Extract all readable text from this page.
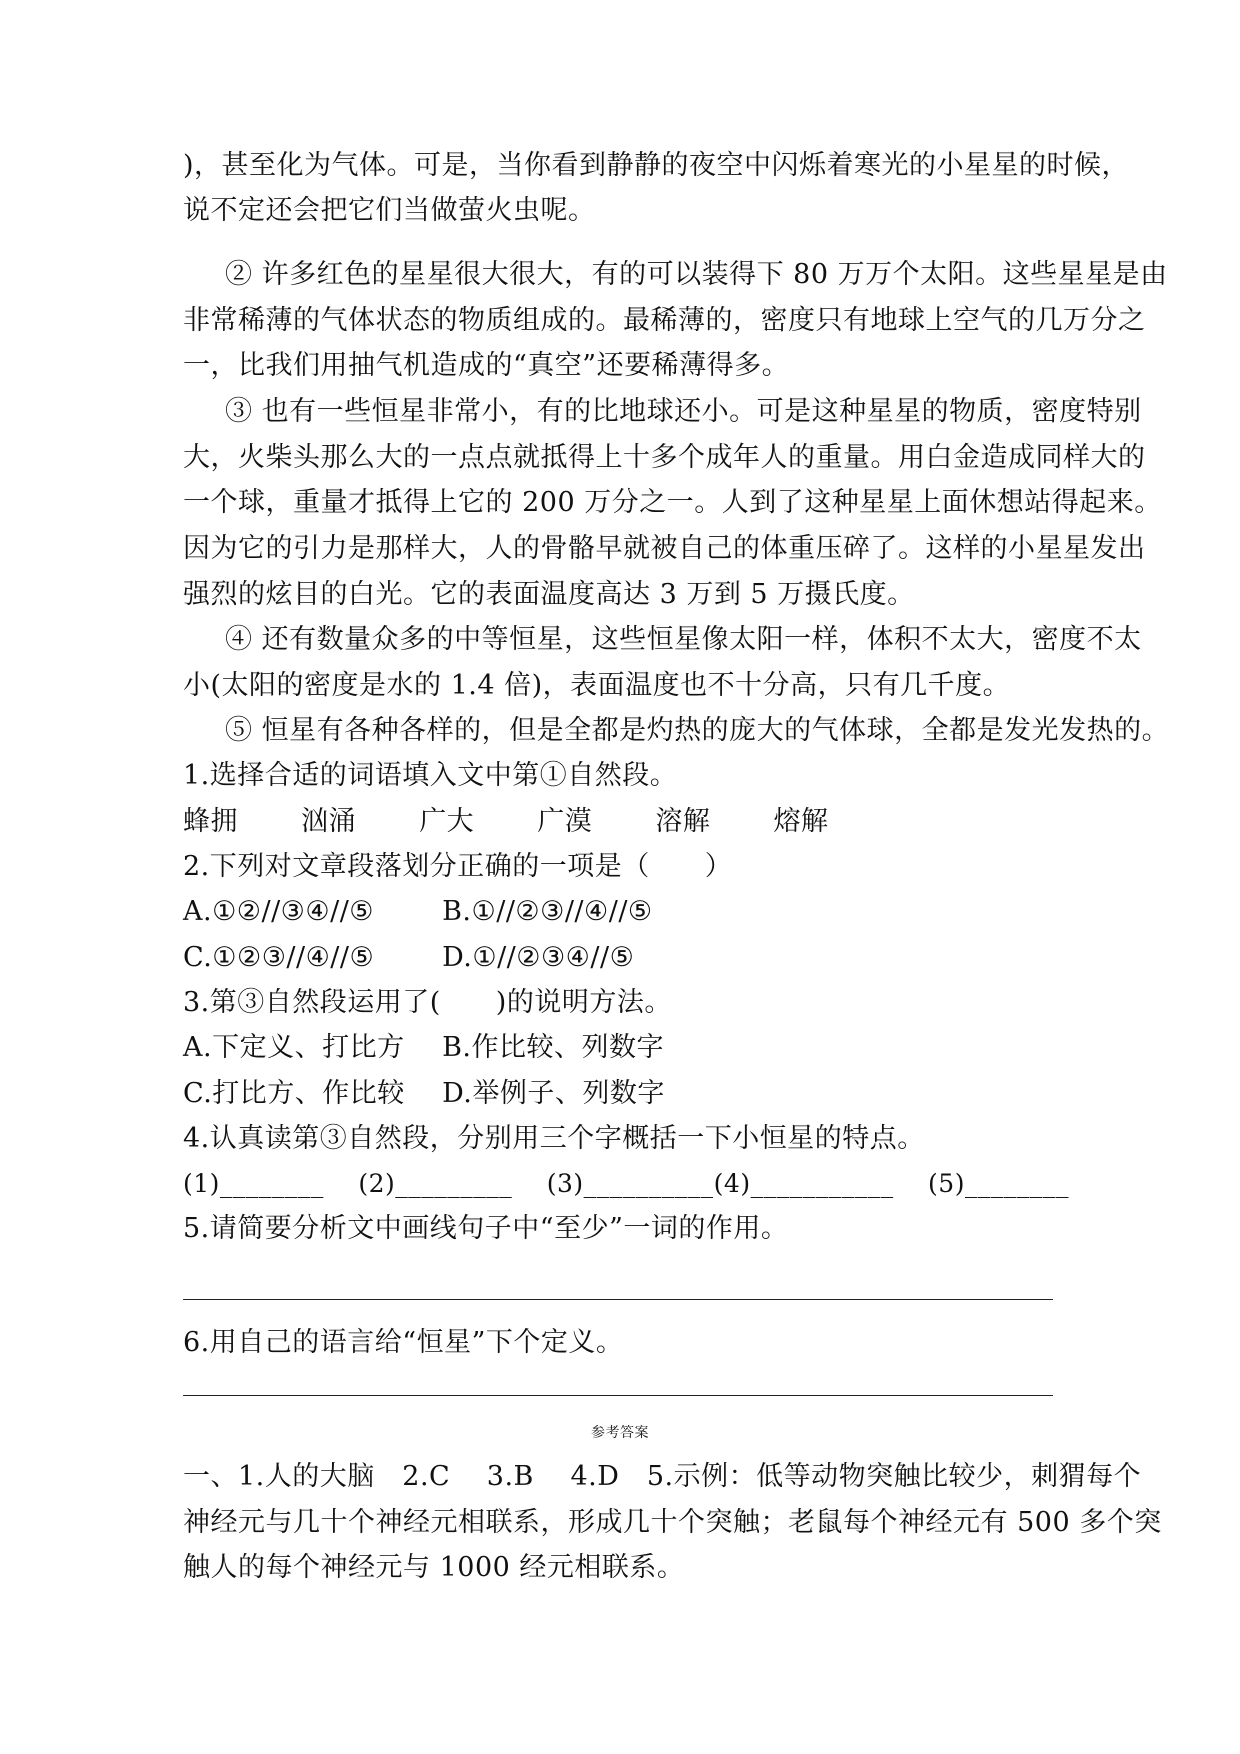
)，甚至化为气体。可是，当你看到静静的夜空中闪烁着寒光的小星星的时候，
说不定还会把它们当做萤火虫呢。
② 许多红色的星星很大很大，有的可以装得下 80 万万个太阳。这些星星是由
非常稀薄的气体状态的物质组成的。最稀薄的，密度只有地球上空气的几万分之
一，比我们用抽气机造成的“真空”还要稀薄得多。
③ 也有一些恒星非常小，有的比地球还小。可是这种星星的物质，密度特别
大，火柴头那么大的一点点就抵得上十多个成年人的重量。用白金造成同样大的
一个球，重量才抵得上它的 200 万分之一。人到了这种星星上面休想站得起来。
因为它的引力是那样大，人的骨骼早就被自己的体重压碎了。这样的小星星发出
强烈的炫目的白光。它的表面温度高达 3 万到 5 万摄氏度。
④ 还有数量众多的中等恒星，这些恒星像太阳一样，体积不太大，密度不太
小(太阳的密度是水的 1.4 倍)，表面温度也不十分高，只有几千度。
⑤ 恒星有各种各样的，但是全都是灼热的庞大的气体球，全都是发光发热的。
1.选择合适的词语填入文中第①自然段。
蜂拥 汹涌 广大 广漠 溶解 熔解
2.下列对文章段落划分正确的一项是（　　）
A.①②//③④//⑤	B.①//②③//④//⑤
C.①②③//④//⑤	D.①//②③④//⑤
3.第③自然段运用了(　　)的说明方法。
A.下定义、打比方 B.作比较、列数字
C.打比方、作比较 D.举例子、列数字
4.认真读第③自然段，分别用三个字概括一下小恒星的特点。
(1)________ (2)_________ (3)__________(4)___________ (5)________
5.请简要分析文中画线句子中“至少”一词的作用。
6.用自己的语言给“恒星”下个定义。
参考答案
一、1.人的大脑　2.C　 3.B　 4.D　5.示例：低等动物突触比较少，刺猬每个
神经元与几十个神经元相联系，形成几十个突触；老鼠每个神经元有 500 多个突
触人的每个神经元与 1000 经元相联系。
